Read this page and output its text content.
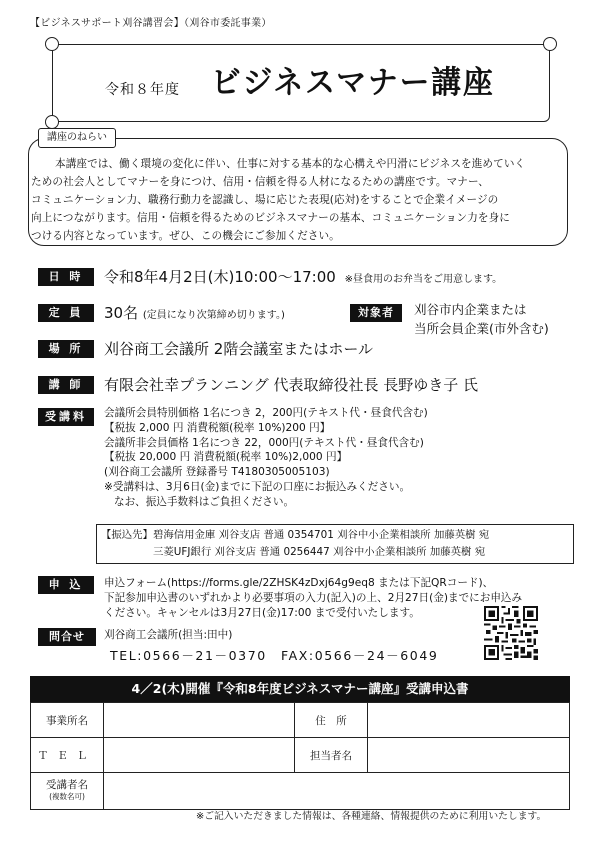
【ビジネスサポート刈谷講習会】（刈谷市委託事業）
令和８年度 ビジネスマナー講座

本講座では、働く環境の変化に伴い、仕事に対する基本的な心構えや円滑にビジネスを進めていく
ための社会人としてマナーを身につけ、信用・信頼を得る人材になるための講座です。マナー、
コミュニケーション力、職務行動力を認識し、場に応じた表現(応対)をすることで企業イメージの
向上につながります。信用・信頼を得るためのビジネスマナーの基本、コミュニケーション力を身に
つける内容となっています。ぜひ、この機会にご参加ください。

講座のねらい
日 時	令和8年4月2日(木)10:00～17:00 ※昼食用のお弁当をご用意します。
定 員	30名 (定員になり次第締め切ります。)	対象者	刈谷市内企業または
当所会員企業(市外含む)
場 所	刈谷商工会議所 2階会議室またはホール
講 師	有限会社幸プランニング 代表取締役社長 長野ゆき子 氏
受講料	会議所会員特別価格 1名につき 2，200円(テキスト代・昼食代含む)
【税抜 2,000 円 消費税額(税率 10%)200 円】
会議所非会員価格 1名につき 22，000円(テキスト代・昼食代含む)
【税抜 20,000 円 消費税額(税率 10%)2,000 円】
(刈谷商工会議所 登録番号 T4180305005103)
※受講料は、3月6日(金)までに下記の口座にお振込みください。
なお、振込手数料はご負担ください。
【振込先】碧海信用金庫 刈谷支店 普通 0354701 刈谷中小企業相談所 加藤英樹 宛
三菱UFJ銀行 刈谷支店 普通 0256447 刈谷中小企業相談所 加藤英樹 宛
申 込	申込フォーム(https://forms.gle/2ZHSK4zDxj64g9eq8 または下記QRコード)、
下記参加申込書のいずれかより必要事項の入力(記入)の上、2月27日(金)までにお申込み
ください。キャンセルは3月27日(金)17:00 まで受付いたします。
問合せ	刈谷商工会議所(担当:田中)
TEL:0566－21－0370　FAX:0566－24－6049
4／2(木)開催『令和8年度ビジネスマナー講座』受講申込書
事業所名		住　所	
ＴＥＬ		担当者名	

受講者名
(複数名可)			

※ご記入いただきました情報は、各種連絡、情報提供のために利用いたします。
